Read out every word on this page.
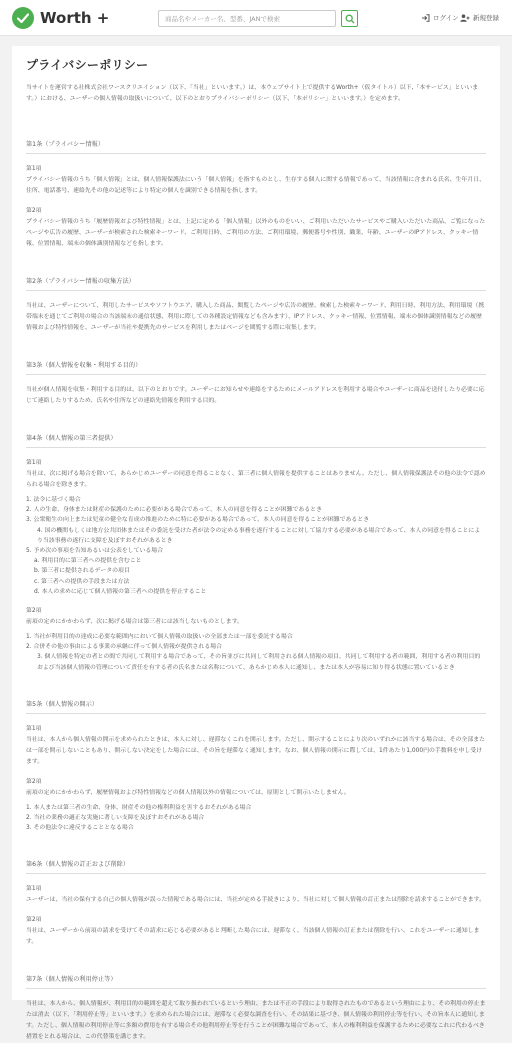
Worth +	商品名やメーカー名、型番、JANで検索	ログイン 新規登録
プライバシーポリシー

当サイトを運営する社株式会社ワースクリエイション（以下、「当社」といいます。）は、本ウェブサイト上で提供するWorth+（仮タイトル）以下,「本サービス」といいます。）における、ユーザーの個人情報の取扱いについて、以下のとおりプライバシーポリシー（以下、「本ポリシー」といいます。）を定めます。

第1条（プライバシー情報）
第1項

プライバシー情報のうち「個人情報」とは、個人情報保護法にいう「個人情報」を指すものとし、生存する個人に関する情報であって、当該情報に含まれる氏名、生年月日、住所、電話番号、連絡先その他の記述等により特定の個人を識別できる情報を指します。

第2項

プライバシー情報のうち「履歴情報および特性情報」とは、上記に定める「個人情報」以外のものをいい、ご利用いただいたサービスやご購入いただいた商品、ご覧になったページや広告の履歴、ユーザーが検索された検索キーワード、ご利用日時、ご利用の方法、ご利用環境、郵便番号や性別、職業、年齢、ユーザーのIPアドレス、クッキー情報、位置情報、端末の個体識別情報などを指します。

第2条（プライバシー情報の収集方法）

当社は、ユーザーについて、利用したサービスやソフトウエア、購入した商品、閲覧したページや広告の履歴、検索した検索キーワード、利用日時、利用方法、利用環境（携帯端末を通じてご利用の場合の当該端末の通信状態、利用に際しての各種設定情報なども含みます）、IPアドレス、クッキー情報、位置情報、端末の個体識別情報などの履歴情報および特性情報を、ユーザーが当社や提携先のサービスを利用しまたはページを閲覧する際に収集します。

第3条（個人情報を収集・利用する目的）

当社が個人情報を収集・利用する目的は、以下のとおりです。ユーザーにお知らせや連絡をするためにメールアドレスを利用する場合やユーザーに商品を送付したり必要に応じて連絡したりするため、氏名や住所などの連絡先情報を利用する目的。

第4条（個人情報の第三者提供）
第1項

当社は、次に掲げる場合を除いて、あらかじめユーザーの同意を得ることなく、第三者に個人情報を提供することはありません。ただし、個人情報保護法その他の法令で認められる場合を除きます。

1. 法令に基づく場合
2. 人の生命、身体または財産の保護のために必要がある場合であって、本人の同意を得ることが困難であるとき
3. 公衆衛生の向上または児童の健全な育成の推進のために特に必要がある場合であって、本人の同意を得ることが困難であるとき
4. 国の機関もしくは地方公共団体またはその委託を受けた者が法令の定める事務を遂行することに対して協力する必要がある場合であって、本人の同意を得ることにより当該事務の遂行に支障を及ぼすおそれがあるとき
5. 予め次の事項を告知あるいは公表をしている場合
a. 利用目的に第三者への提供を含むこと
b. 第三者に提供されるデータの項目
c. 第三者への提供の手段または方法
d. 本人の求めに応じて個人情報の第三者への提供を停止すること
第2項

前項の定めにかかわらず、次に掲げる場合は第三者には該当しないものとします。

1. 当社が利用目的の達成に必要な範囲内において個人情報の取扱いの全部または一部を委託する場合
2. 合併その他の事由による事業の承継に伴って個人情報が提供される場合
3. 個人情報を特定の者との間で共同して利用する場合であって、その旨並びに共同して利用される個人情報の項目、共同して利用する者の範囲、利用する者の利用目的および当該個人情報の管理について責任を有する者の氏名または名称について、あらかじめ本人に通知し、または本人が容易に知り得る状態に置いているとき
第5条（個人情報の開示）
第1項

当社は、本人から個人情報の開示を求められたときは、本人に対し、遅滞なくこれを開示します。ただし、開示することにより次のいずれかに該当する場合は、その全部または一部を開示しないこともあり、開示しない決定をした場合には、その旨を遅滞なく通知します。なお、個人情報の開示に際しては、1件あたり1,000円の手数料を申し受けます。

第2項

前項の定めにかかわらず、履歴情報および特性情報などの個人情報以外の情報については、原則として開示いたしません。

1. 本人または第三者の生命、身体、財産その他の権利利益を害するおそれがある場合
2. 当社の業務の適正な実施に著しい支障を及ぼすおそれがある場合
3. その他法令に違反することとなる場合
第6条（個人情報の訂正および削除）
第1項

ユーザーは、当社の保有する自己の個人情報が誤った情報である場合には、当社が定める手続きにより、当社に対して個人情報の訂正または削除を請求することができます。

第2項

当社は、ユーザーから前項の請求を受けてその請求に応じる必要があると判断した場合には、遅滞なく、当該個人情報の訂正または削除を行い、これをユーザーに通知します。

第7条（個人情報の利用停止等）

当社は、本人から、個人情報が、利用目的の範囲を超えて取り扱われているという理由、または不正の手段により取得されたものであるという理由により、その利用の停止または消去（以下、「利用停止等」といいます。）を求められた場合には、遅滞なく必要な調査を行い、その結果に基づき、個人情報の利用停止等を行い、その旨本人に通知します。ただし、個人情報の利用停止等に多額の費用を有する場合その他利用停止等を行うことが困難な場合であって、本人の権利利益を保護するために必要なこれに代わるべき措置をとれる場合は、この代替策を講じます。
